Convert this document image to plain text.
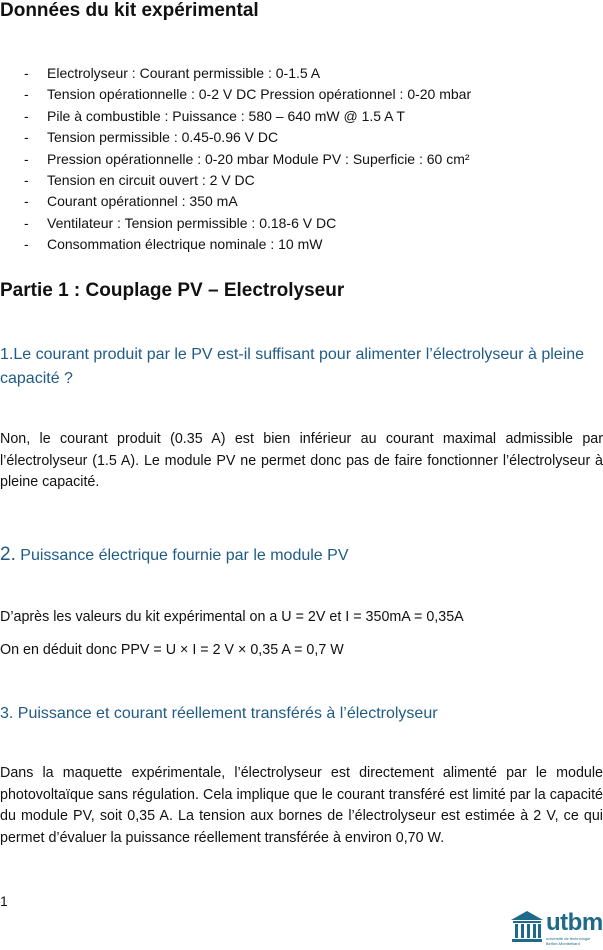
Données du kit expérimental
- Electrolyseur : Courant permissible : 0-1.5 A
- Tension opérationnelle : 0-2 V DC Pression opérationnel : 0-20 mbar
- Pile à combustible : Puissance : 580 – 640 mW @ 1.5 A T
- Tension permissible : 0.45-0.96 V DC
- Pression opérationnelle : 0-20 mbar Module PV : Superficie : 60 cm²
- Tension en circuit ouvert : 2 V DC
- Courant opérationnel : 350 mA
- Ventilateur : Tension permissible : 0.18-6 V DC
- Consommation électrique nominale : 10 mW
Partie 1 : Couplage PV – Electrolyseur
1.Le courant produit par le PV est-il suffisant pour alimenter l’électrolyseur à pleine capacité ?
Non, le courant produit (0.35 A) est bien inférieur au courant maximal admissible par l’électrolyseur (1.5 A). Le module PV ne permet donc pas de faire fonctionner l’électrolyseur à pleine capacité.
2. Puissance électrique fournie par le module PV
D’après les valeurs du kit expérimental on a U = 2V et I = 350mA = 0,35A
On en déduit donc PPV = U × I = 2 V × 0,35 A = 0,7 W
3. Puissance et courant réellement transférés à l’électrolyseur
Dans la maquette expérimentale, l’électrolyseur est directement alimenté par le module photovoltaïque sans régulation. Cela implique que le courant transféré est limité par la capacité du module PV, soit 0,35 A. La tension aux bornes de l’électrolyseur est estimée à 2 V, ce qui permet d’évaluer la puissance réellement transférée à environ 0,70 W.
1
utbm
université de technologie
Belfort-Montbéliard
